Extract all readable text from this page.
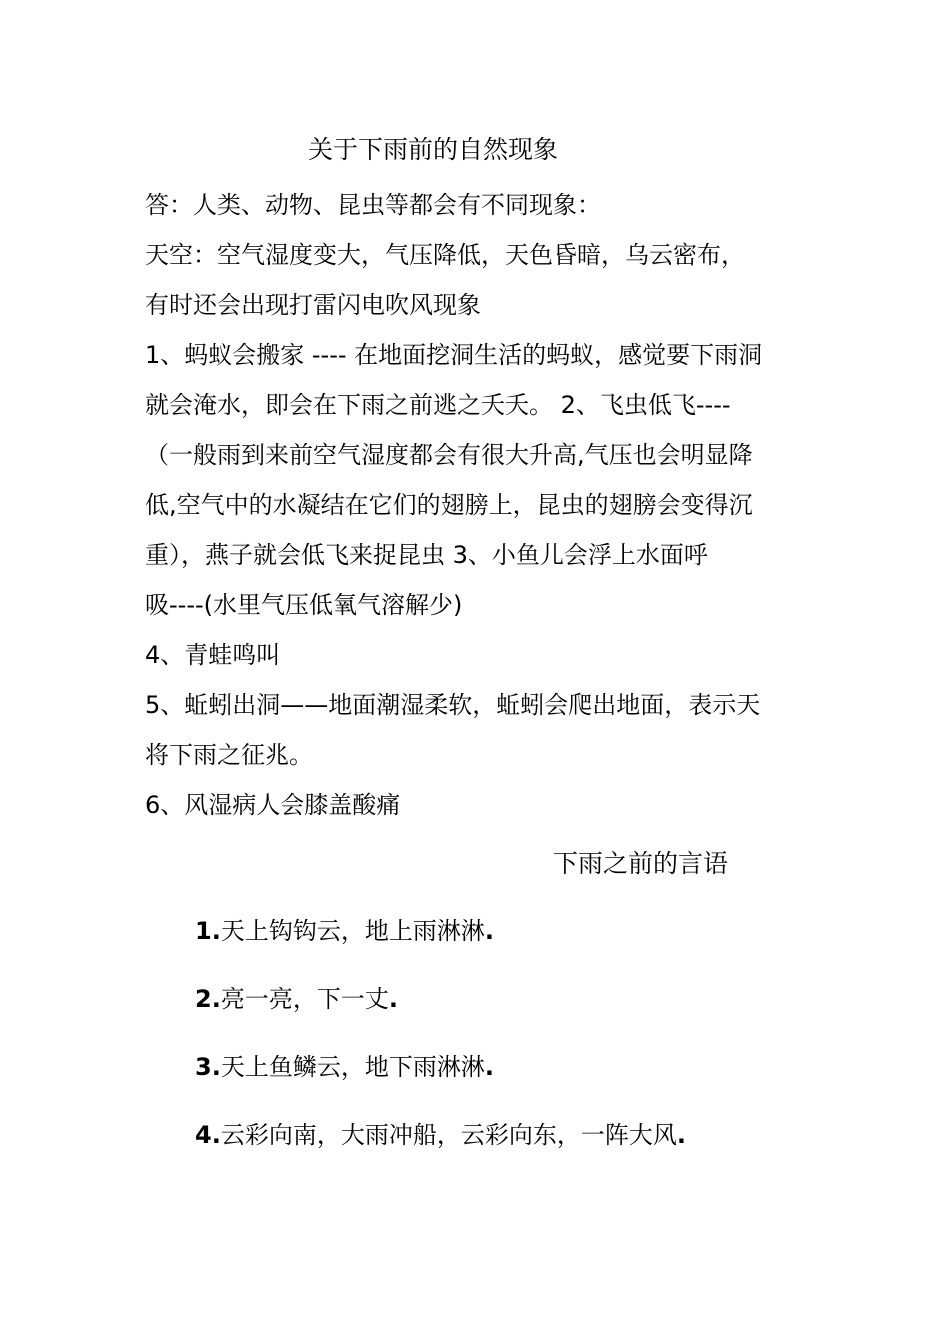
关于下雨前的自然现象

答：人类、动物、昆虫等都会有不同现象：

天空：空气湿度变大，气压降低，天色昏暗，乌云密布，

有时还会出现打雷闪电吹风现象

1、蚂蚁会搬家 ---- 在地面挖洞生活的蚂蚁，感觉要下雨洞

就会淹水，即会在下雨之前逃之夭夭。 2、飞虫低飞----

（一般雨到来前空气湿度都会有很大升高,气压也会明显降

低,空气中的水凝结在它们的翅膀上，昆虫的翅膀会变得沉

重），燕子就会低飞来捉昆虫 3、小鱼儿会浮上水面呼

吸----(水里气压低氧气溶解少)

4、青蛙鸣叫

5、蚯蚓出洞——地面潮湿柔软，蚯蚓会爬出地面，表示天

将下雨之征兆。

6、风湿病人会膝盖酸痛

下雨之前的言语

1.天上钩钩云，地上雨淋淋.

2.亮一亮，下一丈.

3.天上鱼鳞云，地下雨淋淋.

4.云彩向南，大雨冲船，云彩向东，一阵大风.
